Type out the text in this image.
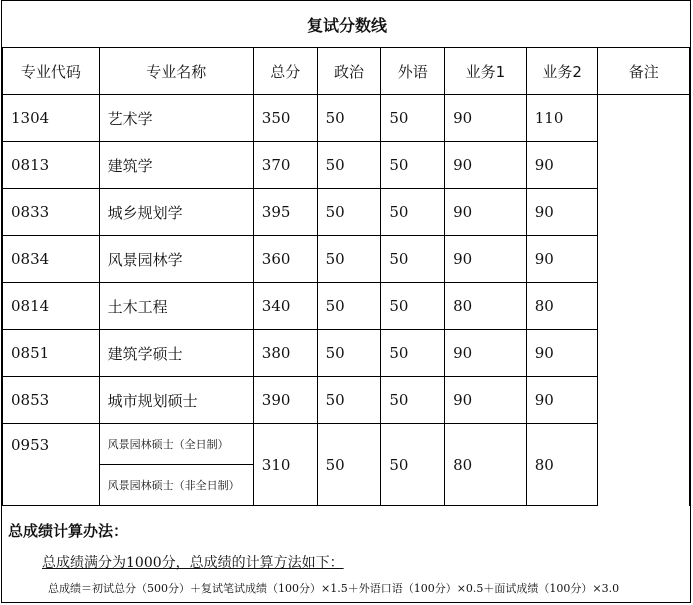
复试分数线
专业代码	专业名称	总分	政治	外语	业务1	业务2	备注
1304	艺术学	350	50	50	90	110	
0813	建筑学	370	50	50	90	90	
0833	城乡规划学	395	50	50	90	90	
0834	风景园林学	360	50	50	90	90	
0814	土木工程	340	50	50	80	80	
0851	建筑学硕士	380	50	50	90	90	
0853	城市规划硕士	390	50	50	90	90	
0953	风景园林硕士（全日制）	310	50	50	80	80	
	风景园林硕士（非全日制）						
总成绩计算办法：
总成绩满分为1000分，总成绩的计算方法如下：
总成绩＝初试总分（500分）＋复试笔试成绩（100分）×1.5＋外语口语（100分）×0.5＋面试成绩（100分）×3.0
